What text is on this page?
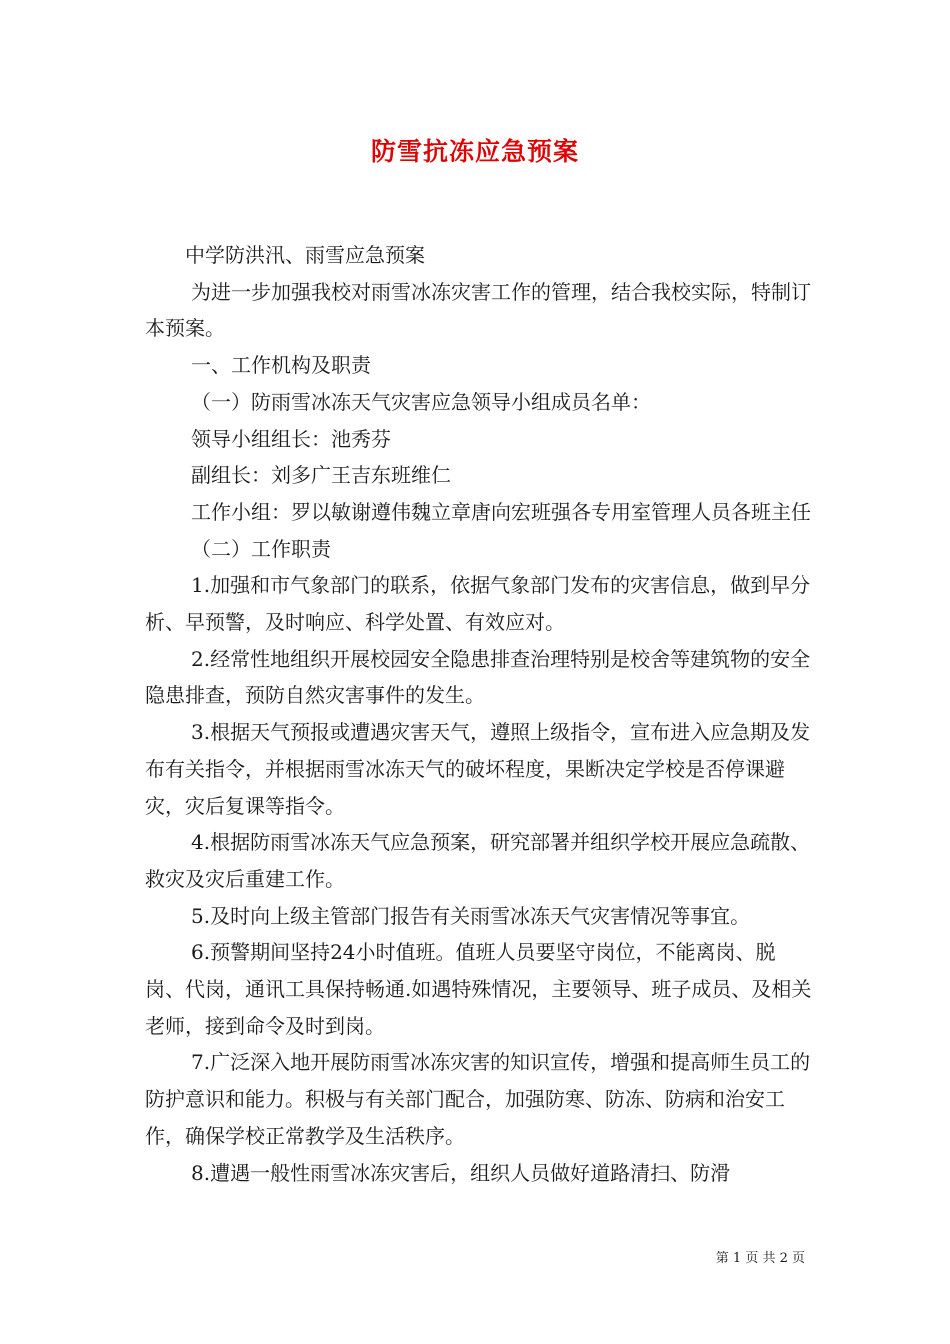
防雪抗冻应急预案

中学防洪汛、雨雪应急预案

为进一步加强我校对雨雪冰冻灾害工作的管理，结合我校实际，特制订本预案。

一、工作机构及职责

（一）防雨雪冰冻天气灾害应急领导小组成员名单：

领导小组组长：池秀芬

副组长：刘多广王吉东班维仁

工作小组：罗以敏谢遵伟魏立章唐向宏班强各专用室管理人员各班主任

（二）工作职责

1.加强和市气象部门的联系，依据气象部门发布的灾害信息，做到早分析、早预警，及时响应、科学处置、有效应对。

2.经常性地组织开展校园安全隐患排查治理特别是校舍等建筑物的安全隐患排查，预防自然灾害事件的发生。

3.根据天气预报或遭遇灾害天气，遵照上级指令，宣布进入应急期及发布有关指令，并根据雨雪冰冻天气的破坏程度，果断决定学校是否停课避灾，灾后复课等指令。

4.根据防雨雪冰冻天气应急预案，研究部署并组织学校开展应急疏散、救灾及灾后重建工作。

5.及时向上级主管部门报告有关雨雪冰冻天气灾害情况等事宜。

6.预警期间坚持24小时值班。值班人员要坚守岗位，不能离岗、脱岗、代岗，通讯工具保持畅通.如遇特殊情况，主要领导、班子成员、及相关老师，接到命令及时到岗。

7.广泛深入地开展防雨雪冰冻灾害的知识宣传，增强和提高师生员工的防护意识和能力。积极与有关部门配合，加强防寒、防冻、防病和治安工作，确保学校正常教学及生活秩序。

8.遭遇一般性雨雪冰冻灾害后，组织人员做好道路清扫、防滑

第 1 页 共 2 页
